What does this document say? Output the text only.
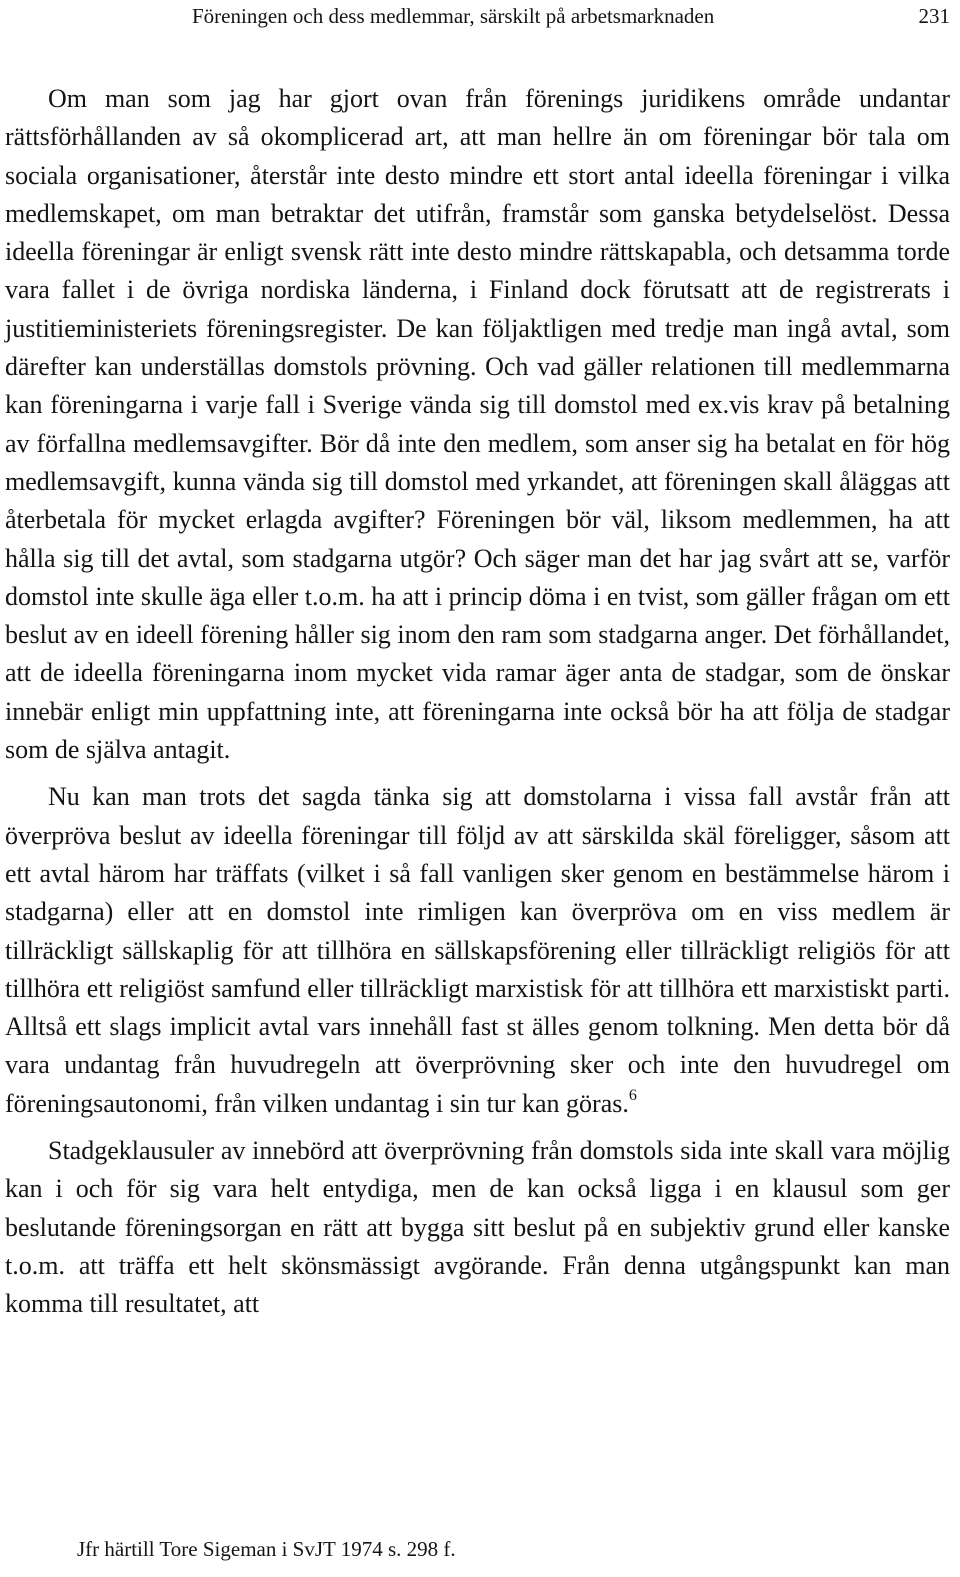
Föreningen och dess medlemmar, särskilt på arbetsmarknaden	231

Om man som jag har gjort ovan från förenings juridikens område undantar rättsförhållanden av så okomplicerad art, att man hellre än om föreningar bör tala om sociala organisationer, återstår inte desto mindre ett stort antal ideella föreningar i vilka medlemskapet, om man betraktar det utifrån, framstår som ganska betydelselöst. Dessa ideella föreningar är enligt svensk rätt inte desto mindre rättskapabla, och detsamma torde vara fallet i de övriga nordiska länderna, i Finland dock förutsatt att de registrerats i justitieministeriets föreningsregister. De kan följaktligen med tredje man ingå avtal, som därefter kan underställas domstols prövning. Och vad gäller relationen till medlemmarna kan föreningarna i varje fall i Sverige vända sig till domstol med ex.vis krav på betalning av förfallna medlemsavgifter. Bör då inte den medlem, som anser sig ha betalat en för hög medlemsavgift, kunna vända sig till domstol med yrkandet, att föreningen skall åläggas att återbetala för mycket erlagda avgifter? Föreningen bör väl, liksom medlemmen, ha att hålla sig till det avtal, som stadgarna utgör? Och säger man det har jag svårt att se, varför domstol inte skulle äga eller t.o.m. ha att i princip döma i en tvist, som gäller frågan om ett beslut av en ideell förening håller sig inom den ram som stadgarna anger. Det förhållandet, att de ideella föreningarna inom mycket vida ramar äger anta de stadgar, som de önskar innebär enligt min uppfattning inte, att föreningarna inte också bör ha att följa de stadgar som de själva antagit.

Nu kan man trots det sagda tänka sig att domstolarna i vissa fall avstår från att överpröva beslut av ideella föreningar till följd av att särskilda skäl föreligger, såsom att ett avtal härom har träffats (vilket i så fall vanligen sker genom en bestämmelse härom i stadgarna) eller att en domstol inte rimligen kan överpröva om en viss medlem är tillräckligt sällskaplig för att tillhöra en sällskapsförening eller tillräckligt religiös för att tillhöra ett religiöst samfund eller tillräckligt marxistisk för att tillhöra ett marxistiskt parti. Alltså ett slags implicit avtal vars innehåll fast st älles genom tolkning. Men detta bör då vara undantag från huvudregeln att överprövning sker och inte den huvudregel om föreningsautonomi, från vilken undantag i sin tur kan göras.$^6$

Stadgeklausuler av innebörd att överprövning från domstols sida inte skall vara möjlig kan i och för sig vara helt entydiga, men de kan också ligga i en klausul som ger beslutande föreningsorgan en rätt att bygga sitt beslut på en subjektiv grund eller kanske t.o.m. att träffa ett helt skönsmässigt avgörande. Från denna utgångspunkt kan man komma till resultatet, att

Jfr härtill Tore Sigeman i SvJT 1974 s. 298 f.
